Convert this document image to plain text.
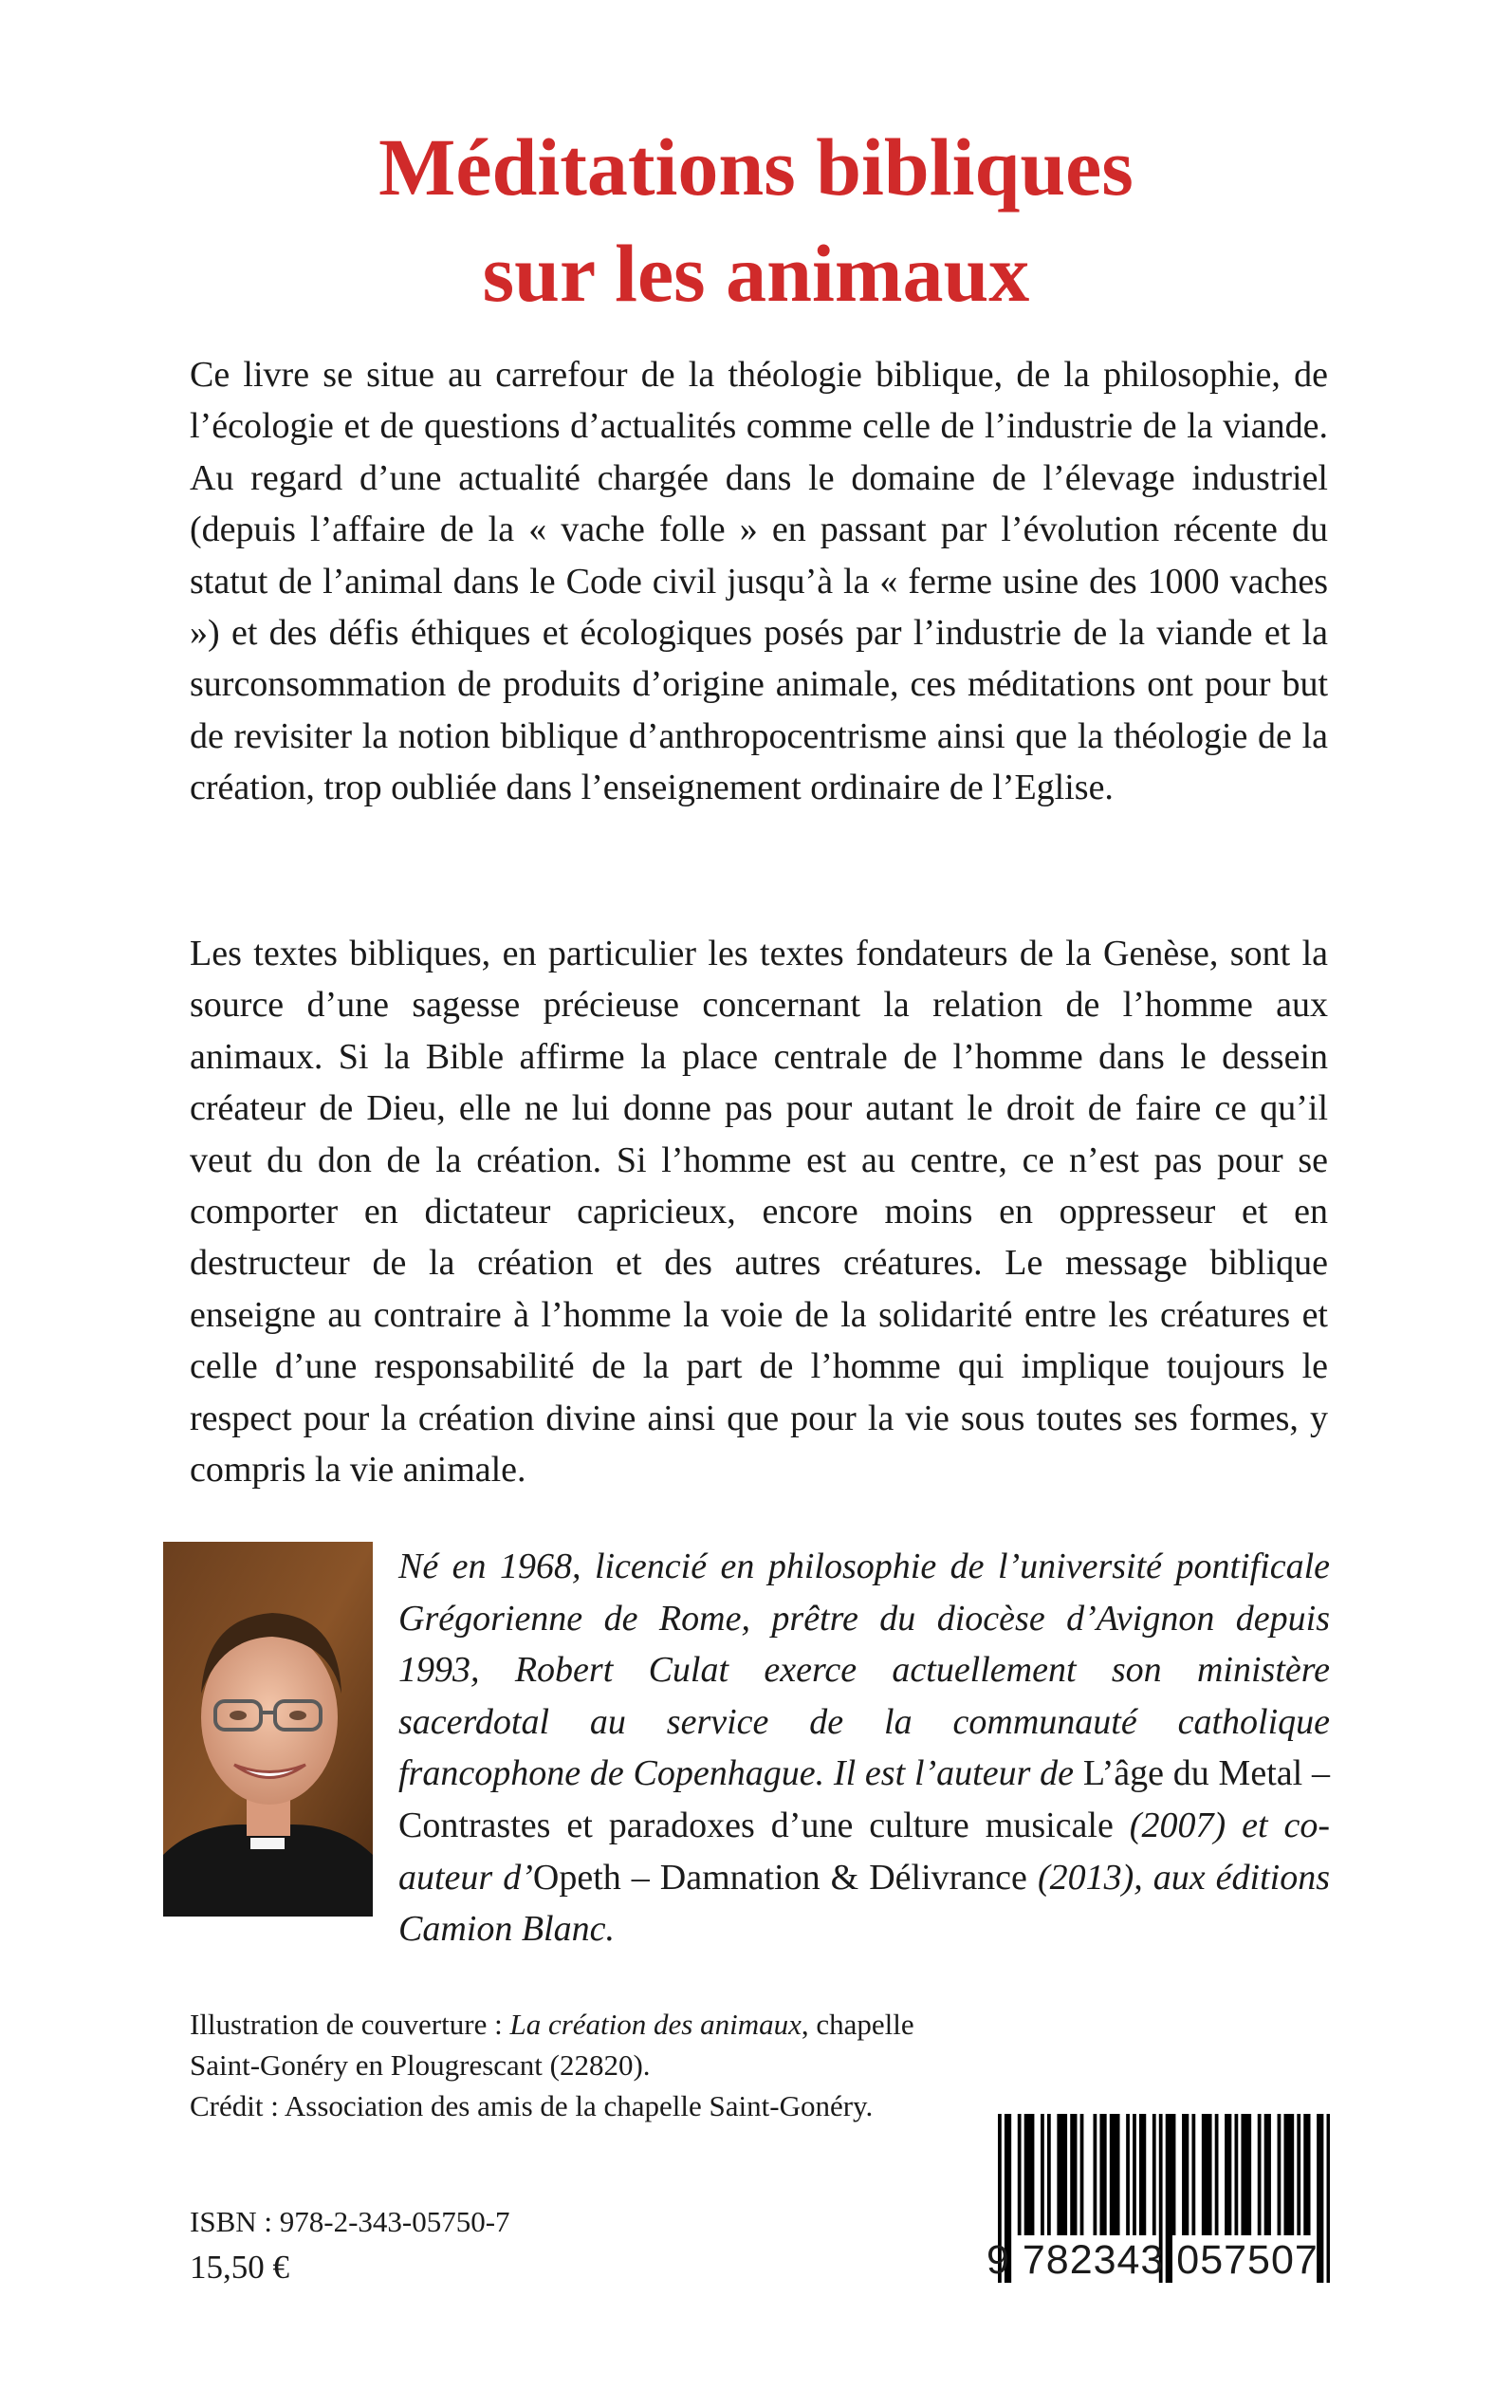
Méditations bibliques
sur les animaux

Ce livre se situe au carrefour de la théologie biblique, de la philosophie, de l’écologie et de questions d’actualités comme celle de l’industrie de la viande. Au regard d’une actualité chargée dans le domaine de l’élevage industriel (depuis l’affaire de la « vache folle » en passant par l’évolution récente du statut de l’animal dans le Code civil jusqu’à la « ferme usine des 1000 vaches ») et des défis éthiques et écologiques posés par l’industrie de la viande et la surconsommation de produits d’origine animale, ces méditations ont pour but de revisiter la notion biblique d’anthropocentrisme ainsi que la théologie de la création, trop oubliée dans l’enseignement ordinaire de l’Eglise.

Les textes bibliques, en particulier les textes fondateurs de la Genèse, sont la source d’une sagesse précieuse concernant la relation de l’homme aux animaux. Si la Bible affirme la place centrale de l’homme dans le dessein créateur de Dieu, elle ne lui donne pas pour autant le droit de faire ce qu’il veut du don de la création. Si l’homme est au centre, ce n’est pas pour se comporter en dictateur capricieux, encore moins en oppresseur et en destructeur de la création et des autres créatures. Le message biblique enseigne au contraire à l’homme la voie de la solidarité entre les créatures et celle d’une responsabilité de la part de l’homme qui implique toujours le respect pour la création divine ainsi que pour la vie sous toutes ses formes, y compris la vie animale.

Né en 1968, licencié en philosophie de l’université pontificale Grégorienne de Rome, prêtre du diocèse d’Avignon depuis 1993, Robert Culat exerce actuellement son ministère sacerdotal au service de la communauté catholique francophone de Copenhague. Il est l’auteur de L’âge du Metal – Contrastes et paradoxes d’une culture musicale (2007) et co-auteur d’Opeth – Damnation & Délivrance (2013), aux éditions Camion Blanc.
Illustration de couverture : La création des animaux, chapelle Saint-Gonéry en Plougrescant (22820).
Crédit : Association des amis de la chapelle Saint-Gonéry.
ISBN : 978-2-343-05750-7
15,50 €	9 782343 057507
